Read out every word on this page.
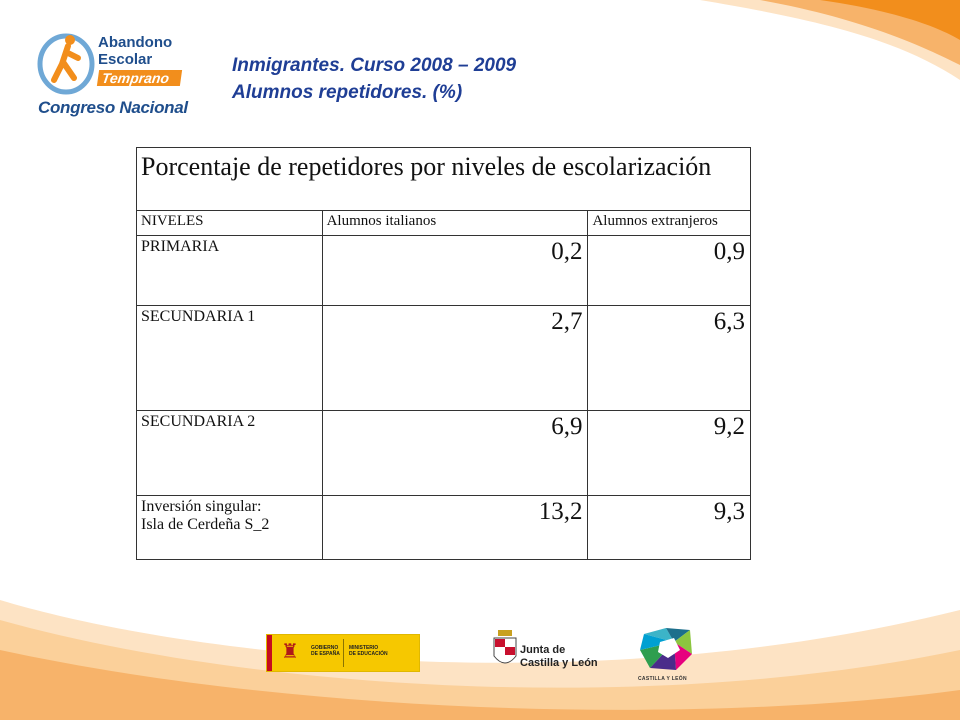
Abandono
Escolar
Temprano
Congreso Nacional
Inmigrantes. Curso 2008 – 2009
Alumnos repetidores. (%)
Porcentaje de repetidores por niveles de escolarización		
NIVELES	Alumnos italianos	Alumnos extranjeros
PRIMARIA	0,2	0,9
SECUNDARIA 1	2,7	6,3
SECUNDARIA 2	6,9	9,2

Inversión singular:
Isla de Cerdeña S_2	13,2	9,3
♜ GOBIERNO
DE ESPAÑA
MINISTERIO
DE EDUCACIÓN	Junta de
Castilla y León
CASTILLA Y LEÓN
